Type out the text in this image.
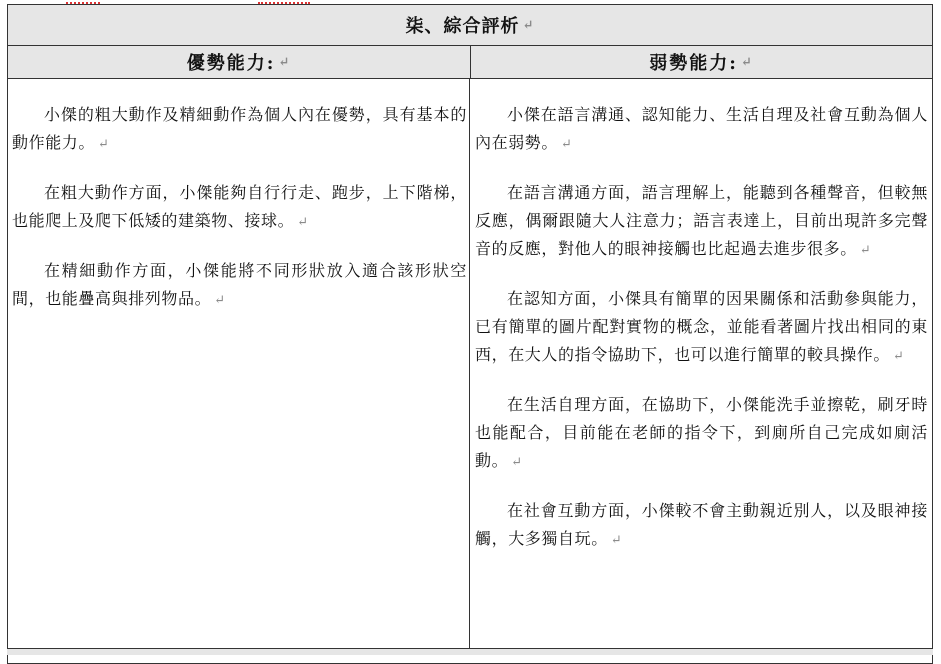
柒、綜合評析 ↵
優勢能力: ↵	弱勢能力: ↵

小傑的粗大動作及精細動作為個人內在優勢，具有基本的動作能力。 ↵

在粗大動作方面，小傑能夠自行行走、跑步，上下階梯，也能爬上及爬下低矮的建築物、接球。 ↵

在精細動作方面，小傑能將不同形狀放入適合該形狀空間，也能疊高與排列物品。 ↵

小傑在語言溝通、認知能力、生活自理及社會互動為個人內在弱勢。 ↵

在語言溝通方面，語言理解上，能聽到各種聲音，但較無反應，偶爾跟隨大人注意力；語言表達上，目前出現許多完聲音的反應，對他人的眼神接觸也比起過去進步很多。 ↵

在認知方面，小傑具有簡單的因果關係和活動參與能力，已有簡單的圖片配對實物的概念，並能看著圖片找出相同的東西，在大人的指令協助下，也可以進行簡單的較具操作。 ↵

在生活自理方面，在協助下，小傑能洗手並擦乾，刷牙時也能配合，目前能在老師的指令下，到廁所自己完成如廁活動。 ↵

在社會互動方面，小傑較不會主動親近別人，以及眼神接觸，大多獨自玩。 ↵
